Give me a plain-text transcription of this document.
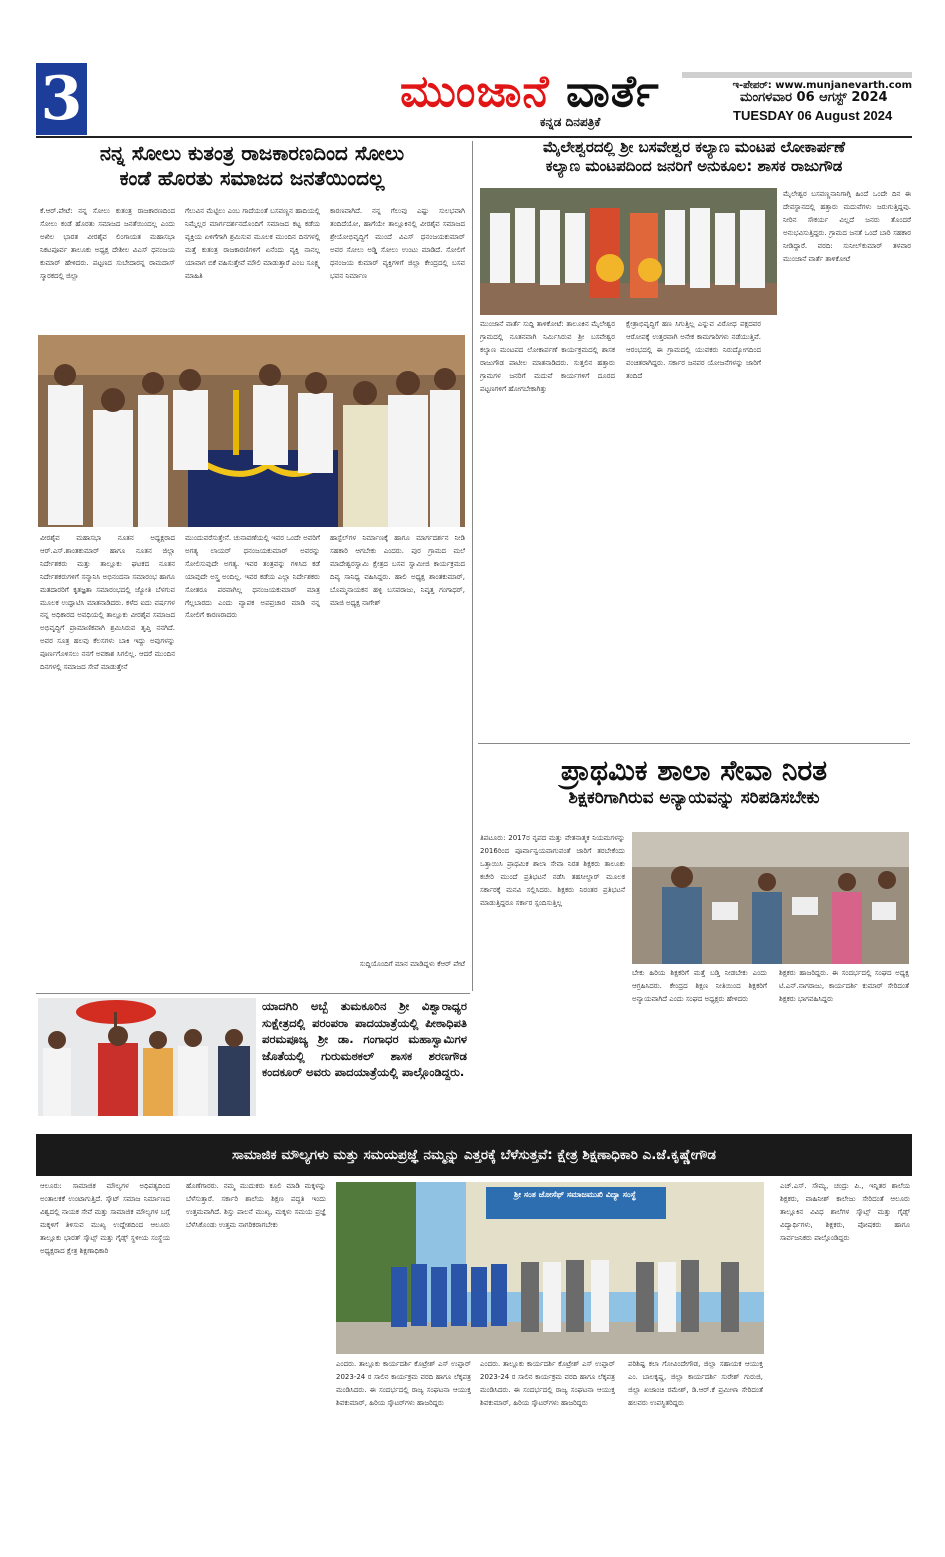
3	ಮುಂಜಾನೆ ವಾರ್ತೆ
ಕನ್ನಡ ದಿನಪತ್ರಿಕೆ
ಇ-ಪೇಪರ್: www.munjanevarth.com
ಮಂಗಳವಾರ 06 ಆಗಸ್ಟ್ 2024
TUESDAY 06 August 2024
ನನ್ನ ಸೋಲು ಕುತಂತ್ರ ರಾಜಕಾರಣದಿಂದ ಸೋಲು
ಕಂಡೆ ಹೊರತು ಸಮಾಜದ ಜನತೆಯಿಂದಲ್ಲ
ಕೆ.ಆರ್.ಪೇಟೆ: ನನ್ನ ಸೋಲು ಕುತಂತ್ರ ರಾಜಕಾರಣದಿಂದ ಸೋಲು ಕಂಡೆ ಹೊರತು ಸಮಾಜದ ಜನತೆಯಿಂದಲ್ಲ ಎಂದು ಅಖಿಲ ಭಾರತ ವೀರಶೈವ ಲಿಂಗಾಯತ ಮಹಾಸಭಾ ನಿಕಟಪೂರ್ವ ತಾಲೂಕು ಅಧ್ಯಕ್ಷ ದೇಶೀಲ ವಿಎಸ್ ಧನಂಜಯ ಕುಮಾರ್ ಹೇಳಿದರು. ಪಟ್ಟಣದ ಸುಬೇದಾರನ್ನ ರಾಮದಾಸ್ ಸ್ಮಾರಕದಲ್ಲಿ ಜಿಲ್ಲಾ
ಗೆಲುವಿನ ಮೆಟ್ಟಿಲು ಎಂಬ ಗಾದೆಯಂತೆ ಬಸವಣ್ಣನ ಹಾದಿಯಲ್ಲಿ ನಿಮ್ಮೆಲ್ಲರ ಮಾರ್ಗದರ್ಶನದೊಂದಿಗೆ ಸಮಾಜದ ಕಟ್ಟ ಕಡೆಯ ವ್ಯಕ್ತಿಯ ಏಳಿಗೆಗಾಗಿ ಶ್ರಮಿಸುವ ಮೂಲಕ ಮುಂದಿನ ದಿನಗಳಲ್ಲಿ ಮತ್ತೆ ಕುತಂತ್ರ ರಾಜಕಾರಣಿಗಳಿಗೆ ಏನೆಂದು ವ್ಯಕ್ತಿ ನಾನಲ್ಲ ಯಾವಾಗ ಬಿಕೆ ವಹಿಸುತ್ತೇವೆ ಮೌಲಿ ಮಾಡುತ್ತಾರೆ ಎಂಬ ಸೂಕ್ಷ್ಮ ಮಾಹಿತಿ
ಕಾರಣವಾಗಿದೆ. ನನ್ನ ಗೆಲುವು ಎಷ್ಟು ಸುಲಭವಾಗಿ ತಂದಿದೆಯೋ, ಹಾಗೆಯೇ ತಾಲ್ಲೂಕಿನಲ್ಲಿ ವೀರಶೈವ ಸಮಾಜದ ಶ್ರೇಯೋಭಿವೃದ್ಧಿಗೆ ಮುಂದೆ ವಿಎಸ್ ಧನಂಜಯಕುಮಾರ್ ಅವರ ಸೋಲು ಅಡ್ಡಿ ಸೋಲು ಉಂಟು ಮಾಡಿದೆ. ಸೋಲಿಗೆ ಧನಂಜಯ ಕುಮಾರ್ ವ್ಯಕ್ತಿಗಳಿಗೆ ಜಿಲ್ಲಾ ಕೇಂದ್ರದಲ್ಲಿ ಬಸವ ಭವನ ನಿರ್ಮಾಣ
ವೀರಶೈವ ಮಹಾಸಭಾ ನೂತನ ಅಧ್ಯಕ್ಷರಾದ ಆರ್.ಎಸ್.ಶಾಂತಕುಮಾರ್ ಹಾಗೂ ನೂತನ ಜಿಲ್ಲಾ ನಿರ್ದೇಶಕರು ಮತ್ತು ತಾಲ್ಲೂಕು ಘಟಕದ ನೂತನ ನಿರ್ದೇಶಕರುಗಳಿಗೆ ಸನ್ಮಾನಿಸಿ ಅಭಿನಂದನಾ ಸಮಾರಂಭ ಹಾಗೂ ಮತದಾರರಿಗೆ ಕೃತಜ್ಞತಾ ಸಮಾರಂಭದಲ್ಲಿ ಜ್ಯೋತಿ ಬೆಳಗುವ ಮೂಲಕ ಉದ್ಘಾಟಿಸಿ ಮಾತನಾಡಿದರು. ಕಳೆದ ಐದು ವರ್ಷಗಳ ನನ್ನ ಅಧಿಕಾರದ ಅವಧಿಯಲ್ಲಿ ತಾಲ್ಲೂಕು ವೀರಶೈವ ಸಮಾಜದ ಅಭಿವೃದ್ಧಿಗೆ ಪ್ರಾಮಾಣಿಕವಾಗಿ ಶ್ರಮಿಸಿರುವ ತೃಪ್ತಿ ನನಗಿದೆ. ಅವರ ಸೂತ್ರ ಹಲವು ಕೆಲಸಗಳು ಬಾಕಿ ಇದ್ದು ಅವುಗಳನ್ನು ಪೂರ್ಣಗೊಳಿಸಲು ನನಗೆ ಅವಕಾಶ ಸಿಗಲಿಲ್ಲ. ಆದರೆ ಮುಂದಿನ ದಿನಗಳಲ್ಲಿ ಸಮಾಜದ ಸೇವೆ ಮಾಡುತ್ತೇನೆ
ಮುಂದುವರೆಸುತ್ತೇನೆ. ಚುನಾವಣೆಯಲ್ಲಿ ಇವರ ಒಂದೇ ಅವರಿಗೆ ಅಗತ್ಯ ಲಾಯರ್ ಧನಂಜಯಕುಮಾರ್ ಅವರನ್ನು ಸೋಲಿಸುವುದೇ ಅಗತ್ಯ. ಇವರ ತಂತ್ರವನ್ನು ಗಳಿಸಿದ ಕಡೆ ಯಾವುದೇ ಅಸ್ತ್ರ ಅಂದಿಲ್ಲ. ಇವರ ಕಡೆಯ ಎಲ್ಲಾ ನಿರ್ದೇಶಕರು ಸೋತರೂ ಪರವಾಗಿಲ್ಲ ಧನಂಜಯಕುಮಾರ್ ಮಾತ್ರ ಗೆಲ್ಲಬಾರದು ಎಂದು ವ್ಯಾಪಕ ಅಪಪ್ರಚಾರ ಮಾಡಿ ನನ್ನ ಸೋಲಿಗೆ ಕಾರಣರಾದರು
ಹಾಸ್ಟೆಲ್‌ಗಳ ನಿರ್ಮಾಣಕ್ಕೆ ಹಾಗೂ ಮಾರ್ಗದರ್ಶನ ನೀಡಿ ಸಹಕಾರಿ ಆಗಬೇಕು ಎಂದರು. ಪುರ ಗ್ರಾಮದ ಮಲೆ ಮಾದೇಶ್ವರಸ್ವಾಮಿ ಕ್ಷೇತ್ರದ ಬಸವ ಸ್ವಾಮೀಜಿ ಕಾರ್ಯಕ್ರಮದ ದಿವ್ಯ ಸಾನಿಧ್ಯ ವಹಿಸಿದ್ದರು. ಹಾಲಿ ಅಧ್ಯಕ್ಷ ಶಾಂತಕುಮಾರ್, ಬೊಮ್ಮನಾಯಕನ ಹಳ್ಳಿ ಬಸವರಾಜು, ನಿವೃತ್ತ ಗಂಗಾಧರ್, ಮಾಜಿ ಅಧ್ಯಕ್ಷ ನಾಗೇಶ್
ಸುದ್ದಿಯೊಂದಿಗೆ ಮಾನ ಮಾಡಿದ್ದಳು ಕೆಆರ್ ಪೇಟೆ
ಮೈಲೇಶ್ವರದಲ್ಲಿ ಶ್ರೀ ಬಸವೇಶ್ವರ ಕಲ್ಯಾಣ ಮಂಟಪ ಲೋಕಾರ್ಪಣೆ
ಕಲ್ಯಾಣ ಮಂಟಪದಿಂದ ಜನರಿಗೆ ಅನುಕೂಲ: ಶಾಸಕ ರಾಜುಗೌಡ
ಮುಂಜಾನೆ ವಾರ್ತೆ ಸುದ್ದಿ ತಾಳಿಕೋಟೆ: ತಾಲೂಕಿನ ಮೈಲೇಶ್ವರ ಗ್ರಾಮದಲ್ಲಿ ನೂತನವಾಗಿ ನಿರ್ಮಿಸಿರುವ ಶ್ರೀ ಬಸವೇಶ್ವರ ಕಲ್ಯಾಣ ಮಂಟಪದ ಲೋಕಾರ್ಪಣೆ ಕಾರ್ಯಕ್ರಮದಲ್ಲಿ ಶಾಸಕ ರಾಜುಗೌಡ ಪಾಟೀಲ ಮಾತನಾಡಿದರು. ಸುತ್ತಲಿನ ಹತ್ತಾರು ಗ್ರಾಮಗಳ ಜನರಿಗೆ ಮದುವೆ ಕಾರ್ಯಗಳಿಗೆ ದೂರದ ಪಟ್ಟಣಗಳಿಗೆ ಹೋಗಬೇಕಾಗಿತ್ತು
ಕ್ಷೇತ್ರಾಭಿವೃದ್ಧಿಗೆ ಹಣ ಸಿಗುತ್ತಿಲ್ಲ ಎನ್ನುವ ವಿರೋಧ ಪಕ್ಷದವರ ಆರೋಪಕ್ಕೆ ಉತ್ತರವಾಗಿ ಅನೇಕ ಕಾಮಗಾರಿಗಳು ನಡೆಯುತ್ತಿವೆ. ಆರಂಭದಲ್ಲಿ ಈ ಗ್ರಾಮದಲ್ಲಿ ಯುವಕರು ನಿರುದ್ಯೋಗದಿಂದ ವಂಚಿತರಾಗಿದ್ದರು. ಸರ್ಕಾರ ಜನಪರ ಯೋಜನೆಗಳನ್ನು ಜಾರಿಗೆ ತಂದಿದೆ
ಮೈಲೇಶ್ವರ ಬಸವಣ್ಣನಾನಿಗಾಗ್ಗಿ ಹಿಂದೆ ಒಂದೇ ದಿನ ಈ ದೇವಸ್ಥಾನದಲ್ಲಿ ಹತ್ತಾರು ಮದುವೆಗಳು ಜರುಗುತ್ತಿದ್ದವು. ನೀರಿನ ಸೌಕರ್ಯ ವಿಲ್ಲದೆ ಜನರು ತೊಂದರೆ ಅನುಭವಿಸುತ್ತಿದ್ದರು. ಗ್ರಾಮದ ಜನತೆ ಒಂದೆ ಬಾರಿ ಸಹಕಾರ ನೀಡಿದ್ದಾರೆ. ವರದಿ: ಸುನೀಲ್‌ಕುಮಾರ್ ತಳವಾರ ಮುಂಜಾನೆ ವಾರ್ತೆ ತಾಳಿಕೋಟೆ
ಪ್ರಾಥಮಿಕ ಶಾಲಾ ಸೇವಾ ನಿರತ
ಶಿಕ್ಷಕರಿಗಾಗಿರುವ ಅನ್ಯಾಯವನ್ನು ಸರಿಪಡಿಸಬೇಕು
ತಿಪಟೂರು: 2017ರ ನೃಪದ ಮತ್ತು ವೇತನಾತ್ಮಕ ನಿಯಮಗಳನ್ನು 2016ರಿಂದ ಪೂರ್ವಾನ್ವಯವಾಗುವಂತೆ ಜಾರಿಗೆ ತರಬೇಕೆಂದು ಒತ್ತಾಯಿಸಿ ಪ್ರಾಥಮಿಕ ಶಾಲಾ ಸೇವಾ ನಿರತ ಶಿಕ್ಷಕರು ತಾಲೂಕು ಕಚೇರಿ ಮುಂದೆ ಪ್ರತಿಭಟನೆ ನಡೆಸಿ ತಹಸೀಲ್ದಾರ್ ಮೂಲಕ ಸರ್ಕಾರಕ್ಕೆ ಮನವಿ ಸಲ್ಲಿಸಿದರು. ಶಿಕ್ಷಕರು ನಿರಂತರ ಪ್ರತಿಭಟನೆ ಮಾಡುತ್ತಿದ್ದರೂ ಸರ್ಕಾರ ಸ್ಪಂದಿಸುತ್ತಿಲ್ಲ
ಬೇಕು ಹಿರಿಯ ಶಿಕ್ಷಕರಿಗೆ ಮತ್ತೆ ಬಡ್ತಿ ನೀಡಬೇಕು ಎಂದು ಆಗ್ರಹಿಸಿದರು. ಕೇಂದ್ರದ ಶಿಕ್ಷಣ ನೀತಿಯಿಂದ ಶಿಕ್ಷಕರಿಗೆ ಅನ್ಯಾಯವಾಗಿದೆ ಎಂದು ಸಂಘದ ಅಧ್ಯಕ್ಷರು ಹೇಳಿದರು
ಶಿಕ್ಷಕರು ಹಾಜರಿದ್ದರು. ಈ ಸಂದರ್ಭದಲ್ಲಿ ಸಂಘದ ಅಧ್ಯಕ್ಷ ಟಿ.ಎನ್.ನಾಗರಾಜು, ಕಾರ್ಯದರ್ಶಿ ಕುಮಾರ್ ಸೇರಿದಂತೆ ಶಿಕ್ಷಕರು ಭಾಗವಹಿಸಿದ್ದರು
ಯಾದಗಿರಿ ಅಬ್ಬೆ ತುಮಕೂರಿನ ಶ್ರೀ ವಿಶ್ವಾರಾಧ್ಯರ ಸುಕ್ಷೇತ್ರದಲ್ಲಿ ಪರಂಪರಾ ಪಾದಯಾತ್ರೆಯಲ್ಲಿ ಪೀಠಾಧಿಪತಿ ಪರಮಪೂಜ್ಯ ಶ್ರೀ ಡಾ. ಗಂಗಾಧರ ಮಹಾಸ್ವಾಮಿಗಳ ಜೊತೆಯಲ್ಲಿ ಗುರುಮಠಕಲ್ ಶಾಸಕ ಶರಣಗೌಡ ಕಂದಕೂರ್ ಅವರು ಪಾದಯಾತ್ರೆಯಲ್ಲಿ ಪಾಲ್ಗೊಂಡಿದ್ದರು.
ಸಾಮಾಜಿಕ ಮೌಲ್ಯಗಳು ಮತ್ತು ಸಮಯಪ್ರಜ್ಞೆ ನಮ್ಮನ್ನು ಎತ್ತರಕ್ಕೆ ಬೆಳೆಸುತ್ತವೆ: ಕ್ಷೇತ್ರ ಶಿಕ್ಷಣಾಧಿಕಾರಿ ಎ.ಜೆ.ಕೃಷ್ಣೇಗೌಡ
ಆಲೂರು: ಸಾಮಾಜಿಕ ಮೌಲ್ಯಗಳ ಅಧಿಪತ್ಯದಿಂದ ಅಂತಾಲಕಕೆ ಉಂಟಾಗುತ್ತಿದೆ. ಸ್ಕೌಟ್ ಸಮಾಜ ನಿರ್ಮಾಣದ ವಿಶ್ವದಲ್ಲಿ ನಾಯಕ ಸೇವೆ ಮತ್ತು ಸಾಮಾಜಿಕ ಮೌಲ್ಯಗಳ ಬಗ್ಗೆ ಮಕ್ಕಳಿಗೆ ತಿಳಿಸುವ ಮುಖ್ಯ ಉದ್ದೇಶದಿಂದ ಆಲೂರು ತಾಲ್ಲೂಕು ಭಾರತ್ ಸ್ಕೌಟ್ಸ್ ಮತ್ತು ಗೈಡ್ಸ್ ಸ್ಥಳೀಯ ಸಂಸ್ಥೆಯ ಅಧ್ಯಕ್ಷರಾದ ಕ್ಷೇತ್ರ ಶಿಕ್ಷಣಾಧಿಕಾರಿ
ಹೊಣೆಗಾರರು. ನಮ್ಮ ಮುದುಕರು ಕೂಲಿ ಮಾಡಿ ಮಕ್ಕಳನ್ನು ಬೆಳೆಸುತ್ತಾರೆ. ಸರ್ಕಾರಿ ಶಾಲೆಯ ಶಿಕ್ಷಣ ಪದ್ಧತಿ ಇಂದು ಉತ್ತಮವಾಗಿದೆ. ಶಿಸ್ತು ಪಾಲನೆ ಮುಖ್ಯ, ಮಕ್ಕಳು ಸಮಯ ಪ್ರಜ್ಞೆ ಬೆಳೆಸಿಕೊಂಡು ಉತ್ತಮ ನಾಗರಿಕರಾಗಬೇಕು
ಶ್ರೀ ಸಂತ ಜೋಸೆಫ್ ಸಮಾಜಮುಖಿ ವಿದ್ಯಾ ಸಂಸ್ಥೆ
ಎಂದರು. ತಾಲ್ಲೂಕು ಕಾರ್ಯದರ್ಶಿ ಕೊಟ್ರೇಶ್ ಎಸ್ ಉಪ್ಪಾರ್ 2023-24 ರ ಸಾಲಿನ ಕಾರ್ಯಕ್ರಮ ವರದಿ ಹಾಗೂ ಲೆಕ್ಕಪತ್ರ ಮಂಡಿಸಿದರು. ಈ ಸಂದರ್ಭದಲ್ಲಿ ರಾಜ್ಯ ಸಂಘಟನಾ ಆಯುಕ್ತ ಶಿವಕುಮಾರ್, ಹಿರಿಯ ಸ್ಕೌಟರ್‌ಗಳು ಹಾಜರಿದ್ದರು
ಎಂದರು. ತಾಲ್ಲೂಕು ಕಾರ್ಯದರ್ಶಿ ಕೊಟ್ರೇಶ್ ಎಸ್ ಉಪ್ಪಾರ್ 2023-24 ರ ಸಾಲಿನ ಕಾರ್ಯಕ್ರಮ ವರದಿ ಹಾಗೂ ಲೆಕ್ಕಪತ್ರ ಮಂಡಿಸಿದರು. ಈ ಸಂದರ್ಭದಲ್ಲಿ ರಾಜ್ಯ ಸಂಘಟನಾ ಆಯುಕ್ತ ಶಿವಕುಮಾರ್, ಹಿರಿಯ ಸ್ಕೌಟರ್‌ಗಳು ಹಾಜರಿದ್ದರು
ಪರಿಶಿಷ್ಟ ಕಲಾ ಗೋವಿಂದೇಗೌಡ, ಜಿಲ್ಲಾ ಸಹಾಯಕ ಆಯುಕ್ತ ಎಂ. ಬಾಲಕೃಷ್ಣ, ಜಿಲ್ಲಾ ಕಾರ್ಯದರ್ಶಿ ಸುರೇಶ್ ಗುರುಜಿ, ಜಿಲ್ಲಾ ಖಜಾಂಚಿ ರಮೇಶ್, ಡಿ.ಆರ್.ಕೆ ಪ್ರಮೀಳಾ ಸೇರಿದಂತೆ ಹಲವರು ಉಪಸ್ಥಿತರಿದ್ದರು
ಎಚ್.ಎಸ್. ಸೌಮ್ಯ, ಚಂದ್ರು ಪಿ., ಇನ್ನಿತರ ಶಾಲೆಯ ಶಿಕ್ಷಕರು, ವಾಹಿನೀಶ್ ಕಾಲೇಜು ಸೇರಿದಂತೆ ಆಲೂರು ತಾಲ್ಲೂಕಿನ ವಿವಿಧ ಶಾಲೆಗಳ ಸ್ಕೌಟ್ಸ್ ಮತ್ತು ಗೈಡ್ಸ್ ವಿದ್ಯಾರ್ಥಿಗಳು, ಶಿಕ್ಷಕರು, ಪೋಷಕರು ಹಾಗೂ ಸಾರ್ವಜನಿಕರು ಪಾಲ್ಗೊಂಡಿದ್ದರು
